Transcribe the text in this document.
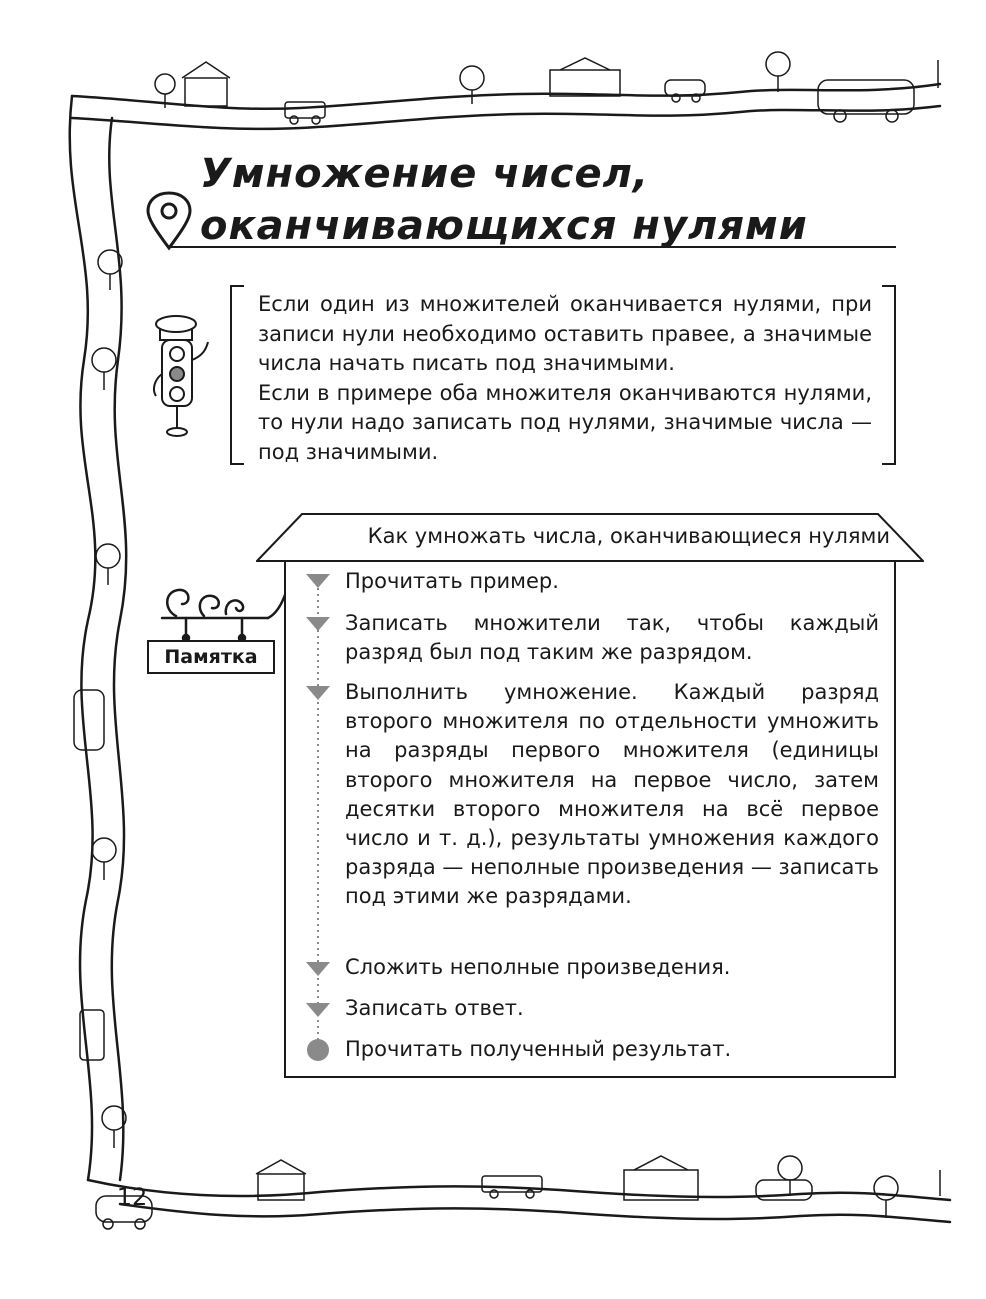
Умножение чисел,
оканчивающихся нулями

Если один из множителей оканчивается нулями, при записи нули необходимо оставить правее, а значимые числа начать писать под значимыми.

Если в примере оба множителя оканчиваются нулями, то нули надо записать под нулями, значимые числа — под значимыми.

Как умножать числа, оканчивающиеся нулями
Памятка
Прочитать пример.
Записать множители так, чтобы каждый разряд был под таким же разрядом.
Выполнить умножение. Каждый разряд второго множителя по отдельности умножить на разряды первого множителя (единицы второго множителя на первое число, затем десятки второго множителя на всё первое число и т. д.), результаты умножения каждого разряда — неполные произведения — записать под этими же разрядами.
Сложить неполные произведения.
Записать ответ.
Прочитать полученный результат.
12
